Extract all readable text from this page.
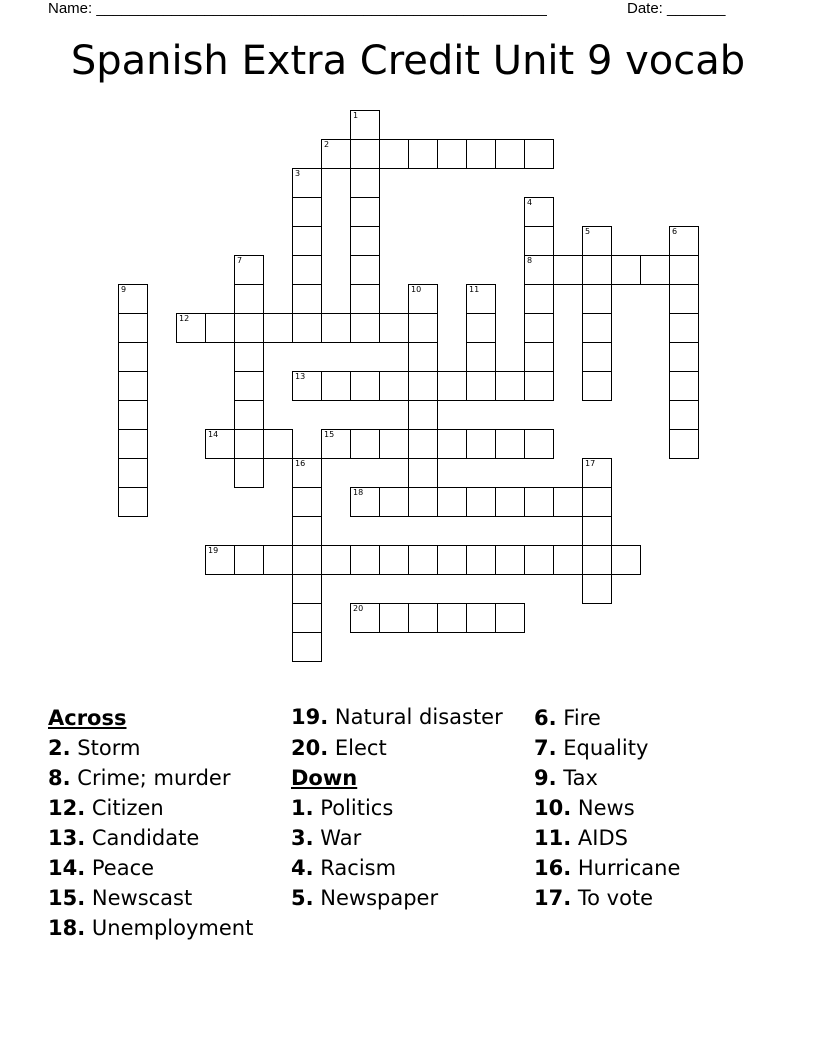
Name: ______________________________________________________	Date: _______
Spanish Extra Credit Unit 9 vocab
1
2
3
4
8
5	6
7
9	10	11
12
13
14	15
16	17
18
19
20
Across
2. Storm
8. Crime; murder
12. Citizen
13. Candidate
14. Peace
15. Newscast
18. Unemployment
19. Natural disaster
20. Elect
Down
1. Politics
3. War
4. Racism
5. Newspaper
6. Fire
7. Equality
9. Tax
10. News
11. AIDS
16. Hurricane
17. To vote
